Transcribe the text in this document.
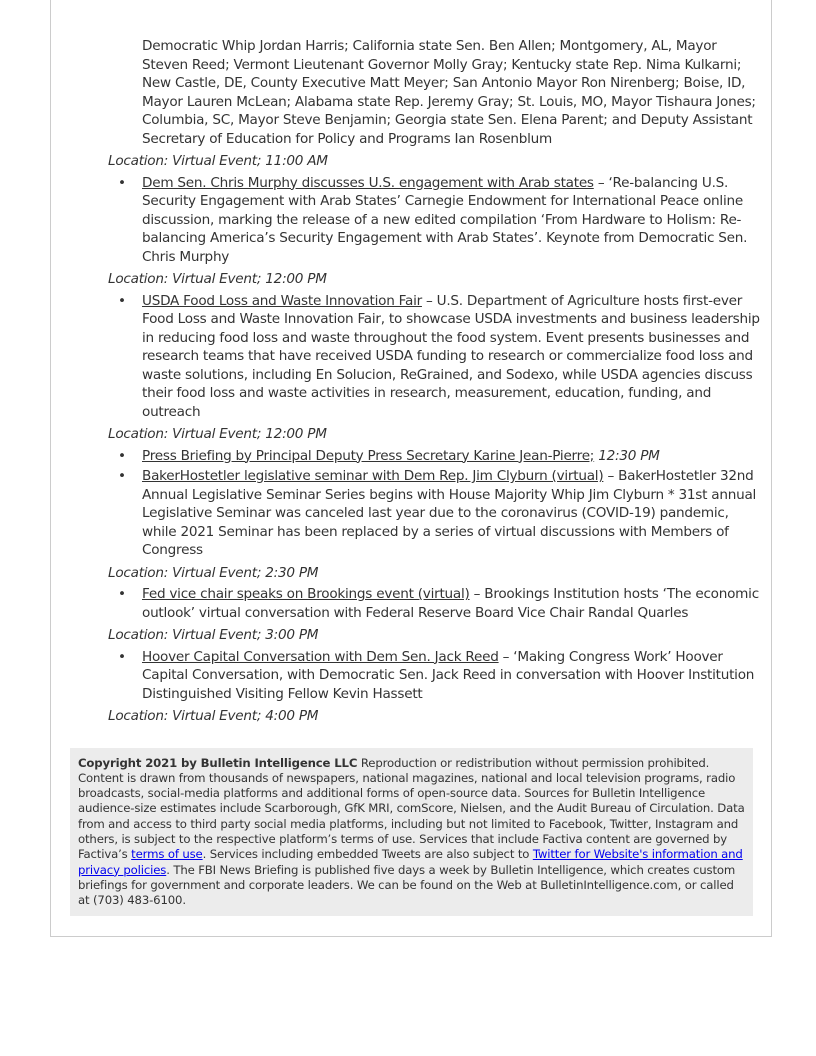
Democratic Whip Jordan Harris; California state Sen. Ben Allen; Montgomery, AL, Mayor Steven Reed; Vermont Lieutenant Governor Molly Gray; Kentucky state Rep. Nima Kulkarni; New Castle, DE, County Executive Matt Meyer; San Antonio Mayor Ron Nirenberg; Boise, ID, Mayor Lauren McLean; Alabama state Rep. Jeremy Gray; St. Louis, MO, Mayor Tishaura Jones; Columbia, SC, Mayor Steve Benjamin; Georgia state Sen. Elena Parent; and Deputy Assistant Secretary of Education for Policy and Programs Ian Rosenblum

Location: Virtual Event; 11:00 AM
• Dem Sen. Chris Murphy discusses U.S. engagement with Arab states – ‘Re-balancing U.S. Security Engagement with Arab States’ Carnegie Endowment for International Peace online discussion, marking the release of a new edited compilation ‘From Hardware to Holism: Re-balancing America’s Security Engagement with Arab States’. Keynote from Democratic Sen. Chris Murphy
Location: Virtual Event; 12:00 PM
• USDA Food Loss and Waste Innovation Fair – U.S. Department of Agriculture hosts first-ever Food Loss and Waste Innovation Fair, to showcase USDA investments and business leadership in reducing food loss and waste throughout the food system. Event presents businesses and research teams that have received USDA funding to research or commercialize food loss and waste solutions, including En Solucion, ReGrained, and Sodexo, while USDA agencies discuss their food loss and waste activities in research, measurement, education, funding, and outreach
Location: Virtual Event; 12:00 PM
• Press Briefing by Principal Deputy Press Secretary Karine Jean-Pierre; 12:30 PM
• BakerHostetler legislative seminar with Dem Rep. Jim Clyburn (virtual) – BakerHostetler 32nd Annual Legislative Seminar Series begins with House Majority Whip Jim Clyburn * 31st annual Legislative Seminar was canceled last year due to the coronavirus (COVID-19) pandemic, while 2021 Seminar has been replaced by a series of virtual discussions with Members of Congress
Location: Virtual Event; 2:30 PM
• Fed vice chair speaks on Brookings event (virtual) – Brookings Institution hosts ‘The economic outlook’ virtual conversation with Federal Reserve Board Vice Chair Randal Quarles
Location: Virtual Event; 3:00 PM
• Hoover Capital Conversation with Dem Sen. Jack Reed – ‘Making Congress Work’ Hoover Capital Conversation, with Democratic Sen. Jack Reed in conversation with Hoover Institution Distinguished Visiting Fellow Kevin Hassett
Location: Virtual Event; 4:00 PM
Copyright 2021 by Bulletin Intelligence LLC Reproduction or redistribution without permission prohibited. Content is drawn from thousands of newspapers, national magazines, national and local television programs, radio broadcasts, social-media platforms and additional forms of open-source data. Sources for Bulletin Intelligence audience-size estimates include Scarborough, GfK MRI, comScore, Nielsen, and the Audit Bureau of Circulation. Data from and access to third party social media platforms, including but not limited to Facebook, Twitter, Instagram and others, is subject to the respective platform’s terms of use. Services that include Factiva content are governed by Factiva’s terms of use. Services including embedded Tweets are also subject to Twitter for Website's information and privacy policies. The FBI News Briefing is published five days a week by Bulletin Intelligence, which creates custom briefings for government and corporate leaders. We can be found on the Web at BulletinIntelligence.com, or called at (703) 483-6100.
